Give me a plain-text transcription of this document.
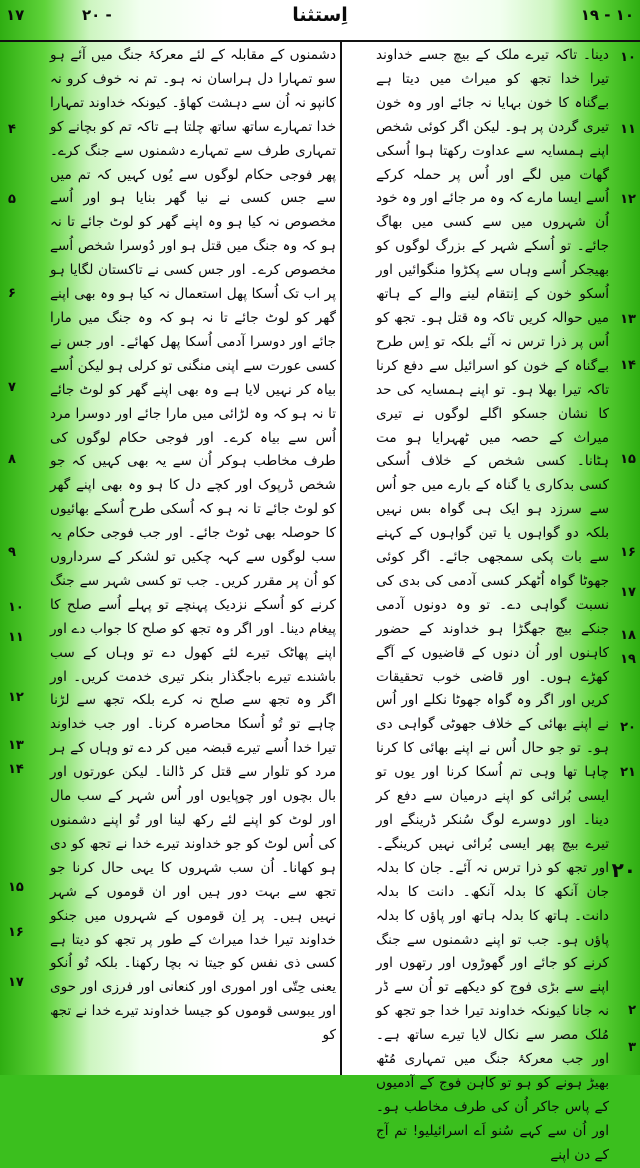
۱۹ - ۱۰
اِستثنا
۲۰ -
۱۷
۱۰
۱۱
۱۲
۱۳
۱۴
۱۵
۱۶
۱۷
۱۸
۱۹
۲۰
۲۱
۲۰
۲
۳
۴
۵
۶
۷
۸
۹
۱۰
۱۱
۱۲
۱۳
۱۴
۱۵
۱۶
۱۷

دینا۔ تاکہ تیرے ملک کے بیچ جسے خداوند تیرا خدا تجھ کو میراث میں دیتا ہے بےگناہ کا خون بہایا نہ جائے اور وہ خون تیری گردن پر ہو۔ لیکن اگر کوئی شخص اپنے ہمسایہ سے عداوت رکھتا ہوا اُسکی گھات میں لگے اور اُس پر حملہ کرکے اُسے ایسا مارے کہ وہ مر جائے اور وہ خود اُن شہروں میں سے کسی میں بھاگ جائے۔ تو اُسکے شہر کے بزرگ لوگوں کو بھیجکر اُسے وہاں سے پکڑوا منگوائیں اور اُسکو خون کے اِنتقام لینے والے کے ہاتھ میں حوالہ کریں تاکہ وہ قتل ہو۔ تجھ کو اُس پر ذرا ترس نہ آئے بلکہ تو اِس طرح بےگناہ کے خون کو اسرائیل سے دفع کرنا تاکہ تیرا بھلا ہو۔ تو اپنے ہمسایہ کی حد کا نشان جسکو اگلے لوگوں نے تیری میراث کے حصہ میں ٹھہرایا ہو مت ہٹانا۔ کسی شخص کے خلاف اُسکی کسی بدکاری یا گناہ کے بارے میں جو اُس سے سرزد ہو ایک ہی گواہ بس نہیں بلکہ دو گواہوں یا تین گواہوں کے کہنے سے بات پکی سمجھی جائے۔ اگر کوئی جھوٹا گواہ اُٹھکر کسی آدمی کی بدی کی نسبت گواہی دے۔ تو وہ دونوں آدمی جنکے بیچ جھگڑا ہو خداوند کے حضور کاہنوں اور اُن دنوں کے قاضیوں کے آگے کھڑے ہوں۔ اور قاضی خوب تحقیقات کریں اور اگر وہ گواہ جھوٹا نکلے اور اُس نے اپنے بھائی کے خلاف جھوٹی گواہی دی ہو۔ تو جو حال اُس نے اپنے بھائی کا کرنا چاہا تھا وہی تم اُسکا کرنا اور یوں تو ایسی بُرائی کو اپنے درمیان سے دفع کر دینا۔ اور دوسرے لوگ سُنکر ڈرینگے اور تیرے بیچ پھر ایسی بُرائی نہیں کرینگے۔ اور تجھ کو ذرا ترس نہ آئے۔ جان کا بدلہ جان آنکھ کا بدلہ آنکھ۔ دانت کا بدلہ دانت۔ ہاتھ کا بدلہ ہاتھ اور پاؤں کا بدلہ پاؤں ہو۔ جب تو اپنے دشمنوں سے جنگ کرنے کو جائے اور گھوڑوں اور رتھوں اور اپنے سے بڑی فوج کو دیکھے تو اُن سے ڈر نہ جانا کیونکہ خداوند تیرا خدا جو تجھ کو مُلک مصر سے نکال لایا تیرے ساتھ ہے۔ اور جب معرکۂ جنگ میں تمہاری مُٹھ بھیڑ ہونے کو ہو تو کاہن فوج کے آدمیوں کے پاس جاکر اُن کی طرف مخاطب ہو۔ اور اُن سے کہے سُنو اَے اسرائیلیو! تم آج کے دن اپنے

دشمنوں کے مقابلہ کے لئے معرکۂ جنگ میں آئے ہو سو تمہارا دل ہراسان نہ ہو۔ تم نہ خوف کرو نہ کانپو نہ اُن سے دہشت کھاؤ۔ کیونکہ خداوند تمہارا خدا تمہارے ساتھ ساتھ چلتا ہے تاکہ تم کو بچانے کو تمہاری طرف سے تمہارے دشمنوں سے جنگ کرے۔ پھر فوجی حکام لوگوں سے یُوں کہیں کہ تم میں سے جس کسی نے نیا گھر بنایا ہو اور اُسے مخصوص نہ کیا ہو وہ اپنے گھر کو لوٹ جائے تا نہ ہو کہ وہ جنگ میں قتل ہو اور دُوسرا شخص اُسے مخصوص کرے۔ اور جس کسی نے تاکستان لگایا ہو پر اب تک اُسکا پھل استعمال نہ کیا ہو وہ بھی اپنے گھر کو لوٹ جائے تا نہ ہو کہ وہ جنگ میں مارا جائے اور دوسرا آدمی اُسکا پھل کھائے۔ اور جس نے کسی عورت سے اپنی منگنی تو کرلی ہو لیکن اُسے بیاہ کر نہیں لایا ہے وہ بھی اپنے گھر کو لوٹ جائے تا نہ ہو کہ وہ لڑائی میں مارا جائے اور دوسرا مرد اُس سے بیاہ کرے۔ اور فوجی حکام لوگوں کی طرف مخاطب ہوکر اُن سے یہ بھی کہیں کہ جو شخص ڈرپوک اور کچے دل کا ہو وہ بھی اپنے گھر کو لوٹ جائے تا نہ ہو کہ اُسکی طرح اُسکے بھائیوں کا حوصلہ بھی ٹوٹ جائے۔ اور جب فوجی حکام یہ سب لوگوں سے کہہ چکیں تو لشکر کے سرداروں کو اُن پر مقرر کریں۔ جب تو کسی شہر سے جنگ کرنے کو اُسکے نزدیک پہنچے تو پہلے اُسے صلح کا پیغام دینا۔ اور اگر وہ تجھ کو صلح کا جواب دے اور اپنے پھاٹک تیرے لئے کھول دے تو وہاں کے سب باشندے تیرے باجگذار بنکر تیری خدمت کریں۔ اور اگر وہ تجھ سے صلح نہ کرے بلکہ تجھ سے لڑنا چاہے تو تُو اُسکا محاصرہ کرنا۔ اور جب خداوند تیرا خدا اُسے تیرے قبضہ میں کر دے تو وہاں کے ہر مرد کو تلوار سے قتل کر ڈالنا۔ لیکن عورتوں اور بال بچوں اور چوپایوں اور اُس شہر کے سب مال اور لوٹ کو اپنے لئے رکھ لینا اور تُو اپنے دشمنوں کی اُس لوٹ کو جو خداوند تیرے خدا نے تجھ کو دی ہو کھانا۔ اُن سب شہروں کا یہی حال کرنا جو تجھ سے بہت دور ہیں اور ان قوموں کے شہر نہیں ہیں۔ پر اِن قوموں کے شہروں میں جنکو خداوند تیرا خدا میراث کے طور پر تجھ کو دیتا ہے کسی ذی نفس کو جیتا نہ بچا رکھنا۔ بلکہ تُو اُنکو یعنی حِتّی اور اموری اور کنعانی اور فرزی اور حوی اور یبوسی قوموں کو جیسا خداوند تیرے خدا نے تجھ کو
